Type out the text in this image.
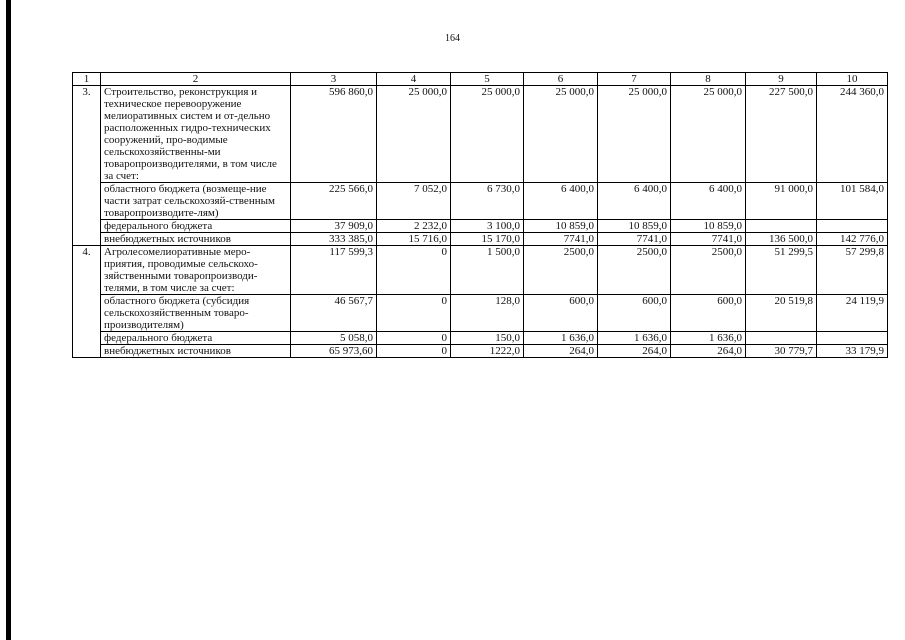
164
1	2	3	4	5	6	7	8	9	10
3.	Строительство, реконструкция и техническое перевооружение мелиоративных систем и от-дельно расположенных гидро-технических сооружений, про-водимые сельскохозяйственны-ми товаропроизводителями, в том числе за счет:	596 860,0	25 000,0	25 000,0	25 000,0	25 000,0	25 000,0	227 500,0	244 360,0
	областного бюджета (возмеще-ние части затрат сельскохозяй-ственным товаропроизводите-лям)	225 566,0	7 052,0	6 730,0	6 400,0	6 400,0	6 400,0	91 000,0	101 584,0
	федерального бюджета	37 909,0	2 232,0	3 100,0	10 859,0	10 859,0	10 859,0		
	внебюджетных источников	333 385,0	15 716,0	15 170,0	7741,0	7741,0	7741,0	136 500,0	142 776,0
4.	Агролесомелиоративные меро-приятия, проводимые сельскохо-зяйственными товаропроизводи-телями, в том числе за счет:	117 599,3	0	1 500,0	2500,0	2500,0	2500,0	51 299,5	57 299,8
	областного бюджета (субсидия сельскохозяйственным товаро-производителям)	46 567,7	0	128,0	600,0	600,0	600,0	20 519,8	24 119,9
	федерального бюджета	5 058,0	0	150,0	1 636,0	1 636,0	1 636,0		
	внебюджетных источников	65 973,60	0	1222,0	264,0	264,0	264,0	30 779,7	33 179,9
